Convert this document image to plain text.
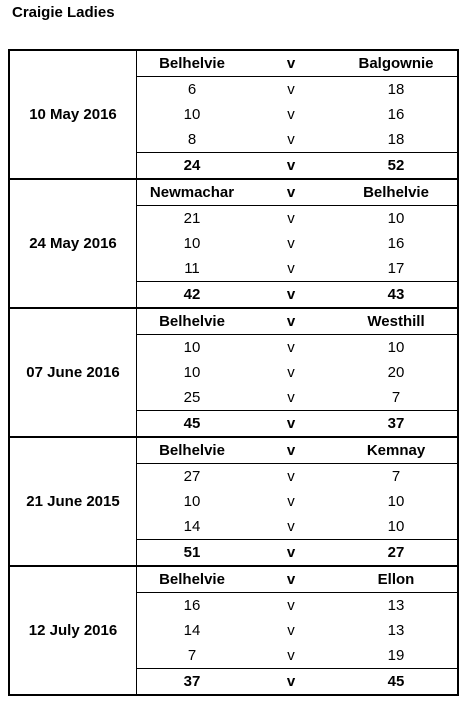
Craigie Ladies
10 May 2016	Belhelvie	v	Balgownie
	6	v	18
	10	v	16
	8	v	18
	24	v	52
24 May 2016	Newmachar	v	Belhelvie
	21	v	10
	10	v	16
	11	v	17
	42	v	43
07 June 2016	Belhelvie	v	Westhill
	10	v	10
	10	v	20
	25	v	7
	45	v	37
21 June 2015	Belhelvie	v	Kemnay
	27	v	7
	10	v	10
	14	v	10
	51	v	27
12 July 2016	Belhelvie	v	Ellon
	16	v	13
	14	v	13
	7	v	19
	37	v	45
